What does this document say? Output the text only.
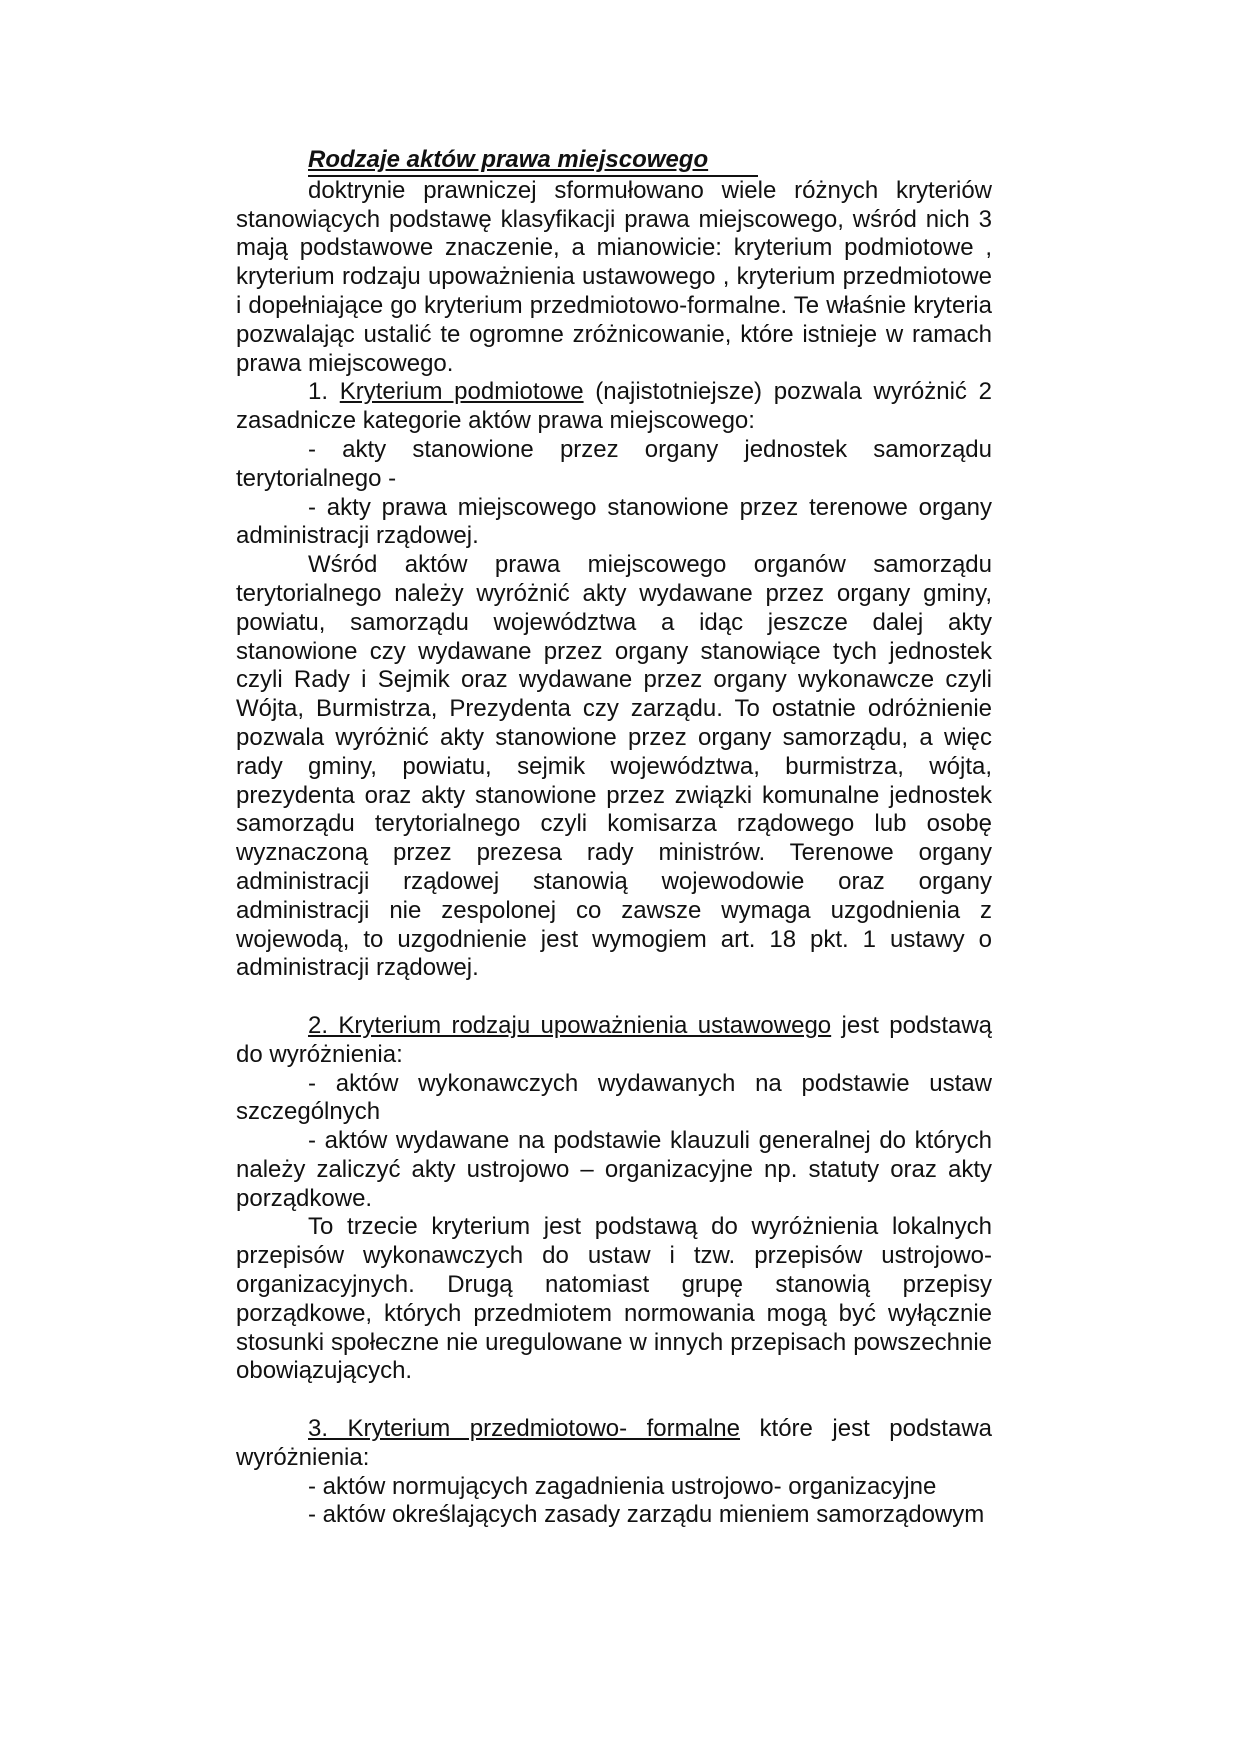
Rodzaje aktów prawa miejscowego

doktrynie prawniczej sformułowano wiele różnych kryteriów stanowiących podstawę klasyfikacji prawa miejscowego, wśród nich 3 mają podstawowe znaczenie, a mianowicie: kryterium podmiotowe , kryterium rodzaju upoważnienia ustawowego , kryterium przedmiotowe i dopełniające go kryterium przedmiotowo-formalne. Te właśnie kryteria pozwalając ustalić te ogromne zróżnicowanie, które istnieje w ramach prawa miejscowego.

1. Kryterium podmiotowe (najistotniejsze) pozwala wyróżnić 2 zasadnicze kategorie aktów prawa miejscowego:

- akty stanowione przez organy jednostek samorządu terytorialnego -

- akty prawa miejscowego stanowione przez terenowe organy administracji rządowej.

Wśród aktów prawa miejscowego organów samorządu terytorialnego należy wyróżnić akty wydawane przez organy gminy, powiatu, samorządu województwa a idąc jeszcze dalej akty stanowione czy wydawane przez organy stanowiące tych jednostek czyli Rady i Sejmik oraz wydawane przez organy wykonawcze czyli Wójta, Burmistrza, Prezydenta czy zarządu. To ostatnie odróżnienie pozwala wyróżnić akty stanowione przez organy samorządu, a więc rady gminy, powiatu, sejmik województwa, burmistrza, wójta, prezydenta oraz akty stanowione przez związki komunalne jednostek samorządu terytorialnego czyli komisarza rządowego lub osobę wyznaczoną przez prezesa rady ministrów. Terenowe organy administracji rządowej stanowią wojewodowie oraz organy administracji nie zespolonej co zawsze wymaga uzgodnienia z wojewodą, to uzgodnienie jest wymogiem art. 18 pkt. 1 ustawy o administracji rządowej.

2. Kryterium rodzaju upoważnienia ustawowego jest podstawą do wyróżnienia:

- aktów wykonawczych wydawanych na podstawie ustaw szczególnych

- aktów wydawane na podstawie klauzuli generalnej do których należy zaliczyć akty ustrojowo – organizacyjne np. statuty oraz akty porządkowe.

To trzecie kryterium jest podstawą do wyróżnienia lokalnych przepisów wykonawczych do ustaw i tzw. przepisów ustrojowo-organizacyjnych. Drugą natomiast grupę stanowią przepisy porządkowe, których przedmiotem normowania mogą być wyłącznie stosunki społeczne nie uregulowane w innych przepisach powszechnie obowiązujących.

3. Kryterium przedmiotowo- formalne które jest podstawa wyróżnienia:

- aktów normujących zagadnienia ustrojowo- organizacyjne

- aktów określających zasady zarządu mieniem samorządowym
